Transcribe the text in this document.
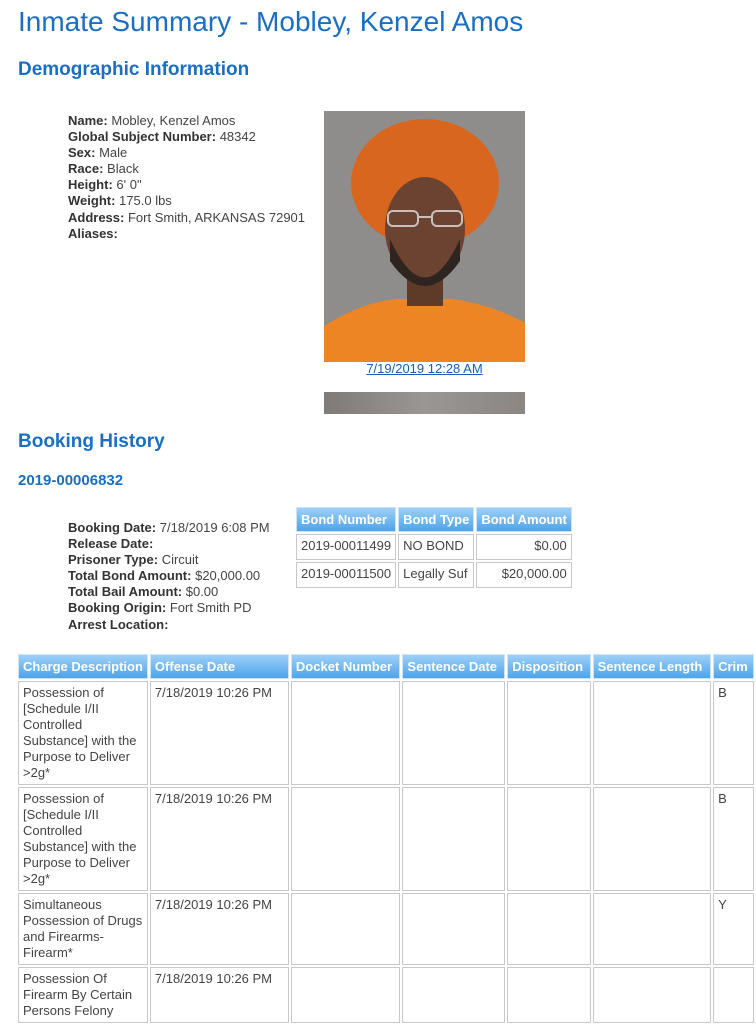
Inmate Summary - Mobley, Kenzel Amos
Demographic Information
Name: Mobley, Kenzel Amos
Global Subject Number: 48342
Sex: Male
Race: Black
Height: 6' 0"
Weight: 175.0 lbs
Address: Fort Smith, ARKANSAS 72901
Aliases:
7/19/2019 12:28 AM
Booking History
2019-00006832
Booking Date: 7/18/2019 6:08 PM
Release Date:
Prisoner Type: Circuit
Total Bond Amount: $20,000.00
Total Bail Amount: $0.00
Booking Origin: Fort Smith PD
Arrest Location:
Bond Number	Bond Type	Bond Amount
2019-00011499	NO BOND	$0.00
2019-00011500	Legally Suf	$20,000.00
Charge Description	Offense Date	Docket Number	Sentence Date	Disposition	Sentence Length	Crim
Possession of [Schedule I/II Controlled Substance] with the Purpose to Deliver >2g*	7/18/2019 10:26 PM					B
Possession of [Schedule I/II Controlled Substance] with the Purpose to Deliver >2g*	7/18/2019 10:26 PM					B
Simultaneous Possession of Drugs and Firearms-Firearm*	7/18/2019 10:26 PM					Y
Possession Of Firearm By Certain Persons Felony	7/18/2019 10:26 PM					
